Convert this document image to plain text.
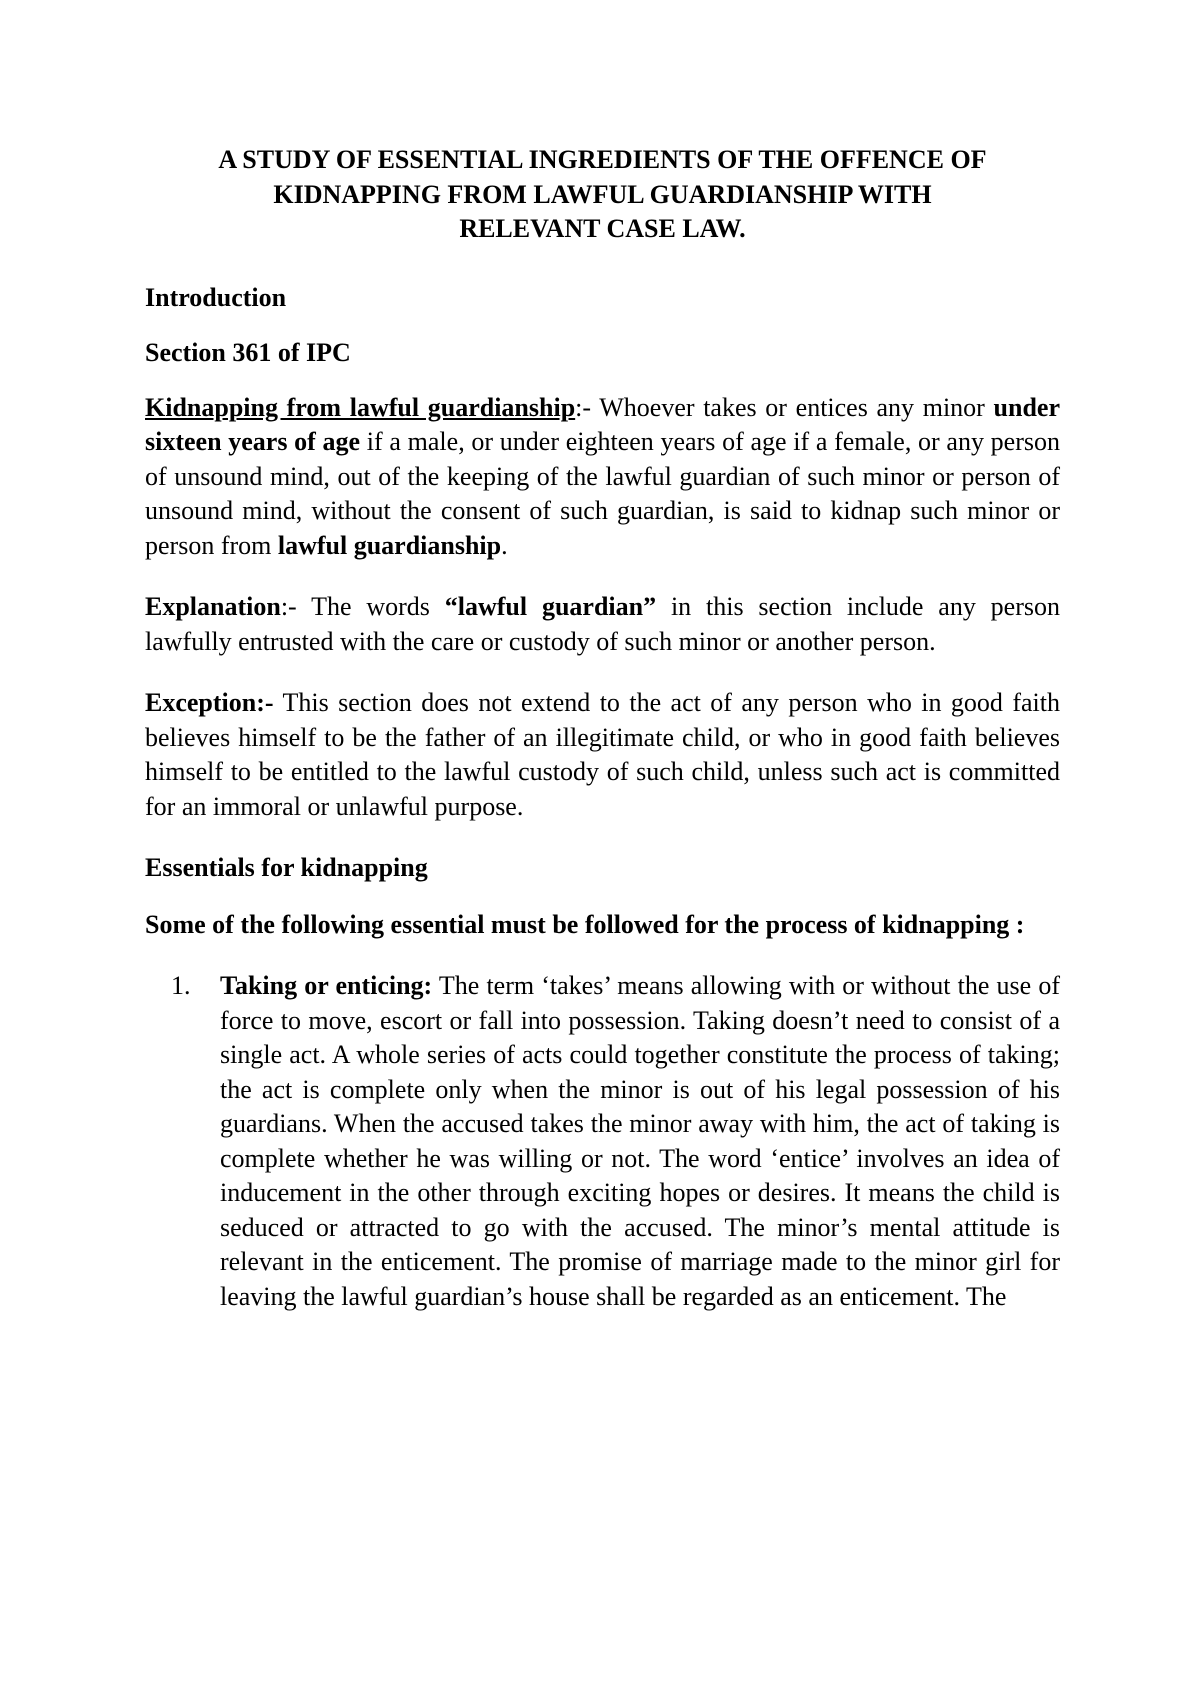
A STUDY OF ESSENTIAL INGREDIENTS OF THE OFFENCE OF
KIDNAPPING FROM LAWFUL GUARDIANSHIP WITH
RELEVANT CASE LAW.

Introduction

Section 361 of IPC

Kidnapping from lawful guardianship:- Whoever takes or entices any minor under sixteen years of age if a male, or under eighteen years of age if a female, or any person of unsound mind, out of the keeping of the lawful guardian of such minor or person of unsound mind, without the consent of such guardian, is said to kidnap such minor or person from lawful guardianship.

Explanation:- The words “lawful guardian” in this section include any person lawfully entrusted with the care or custody of such minor or another person.

Exception:- This section does not extend to the act of any person who in good faith believes himself to be the father of an illegitimate child, or who in good faith believes himself to be entitled to the lawful custody of such child, unless such act is committed for an immoral or unlawful purpose.

Essentials for kidnapping

Some of the following essential must be followed for the process of kidnapping :

1. Taking or enticing: The term ‘takes’ means allowing with or without the use of force to move, escort or fall into possession. Taking doesn’t need to consist of a single act. A whole series of acts could together constitute the process of taking; the act is complete only when the minor is out of his legal possession of his guardians. When the accused takes the minor away with him, the act of taking is complete whether he was willing or not. The word ‘entice’ involves an idea of inducement in the other through exciting hopes or desires. It means the child is seduced or attracted to go with the accused. The minor’s mental attitude is relevant in the enticement. The promise of marriage made to the minor girl for leaving the lawful guardian’s house shall be regarded as an enticement. The
